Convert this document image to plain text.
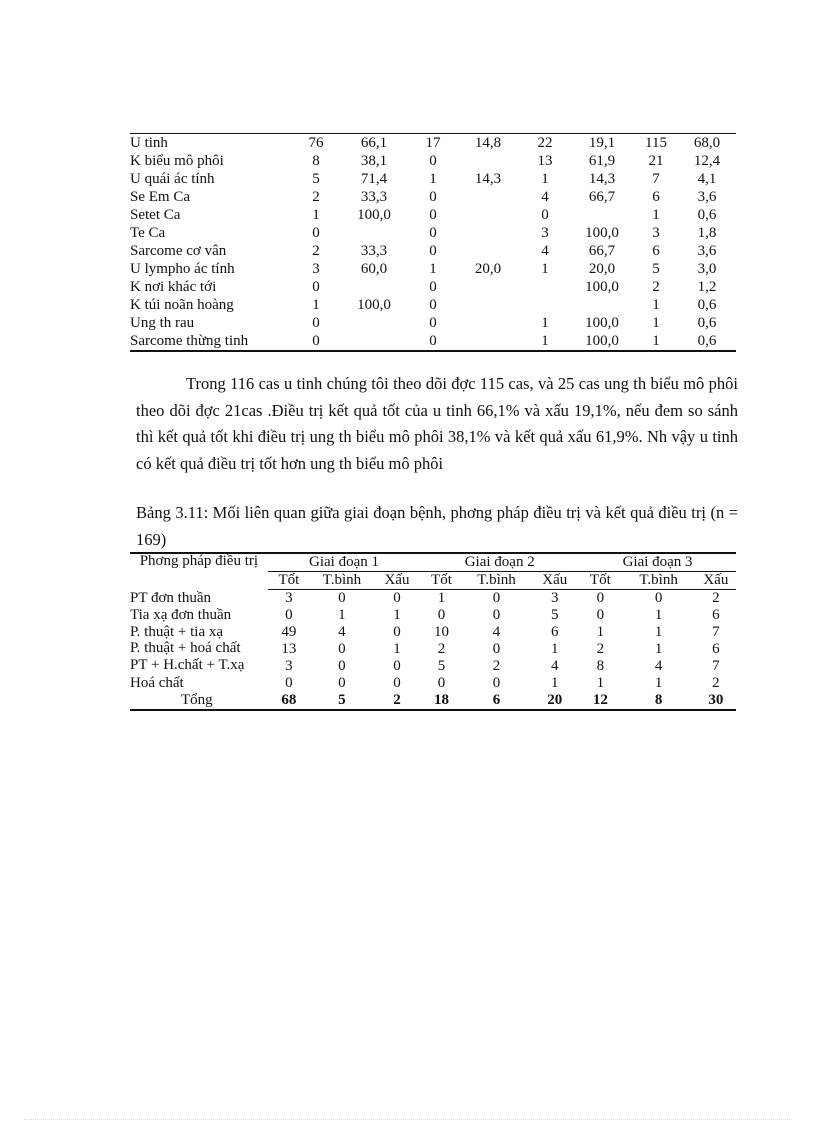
U tinh	76	66,1	17	14,8	22	19,1	115	68,0
K biểu mô phôi	8	38,1	0		13	61,9	21	12,4
U quái ác tính	5	71,4	1	14,3	1	14,3	7	4,1
Se Em Ca	2	33,3	0		4	66,7	6	3,6
Setet Ca	1	100,0	0		0		1	0,6
Te Ca	0		0		3	100,0	3	1,8
Sarcome cơ vân	2	33,3	0		4	66,7	6	3,6
U lympho ác tính	3	60,0	1	20,0	1	20,0	5	3,0
K nơi khác tới	0		0			100,0	2	1,2
K túi noãn hoàng	1	100,0	0				1	0,6
Ung th rau	0		0		1	100,0	1	0,6
Sarcome thừng tinh	0		0		1	100,0	1	0,6

Trong 116 cas u tinh chúng tôi theo dõi đợc 115 cas, và 25 cas ung th biểu mô phôi theo dõi đợc 21cas .Điều trị kết quả tốt của u tinh 66,1% và xấu 19,1%, nếu đem so sánh thì kết quả tốt khi điều trị ung th biểu mô phôi 38,1% và kết quả xấu 61,9%. Nh vậy u tinh có kết quả điều trị tốt hơn ung th biểu mô phôi

Bảng 3.11: Mối liên quan giữa giai đoạn bệnh, phơng pháp điều trị và kết quả điều trị (n = 169)

Phơng pháp điều trị	Giai đoạn 1			Giai đoạn 2			Giai đoạn 3		
	Tốt	T.bình	Xấu	Tốt	T.bình	Xấu	Tốt	T.bình	Xấu
PT đơn thuần	3	0	0	1	0	3	0	0	2
Tia xạ đơn thuần	0	1	1	0	0	5	0	1	6
P. thuật + tia xạ	49	4	0	10	4	6	1	1	7
P. thuật + hoá chất	13	0	1	2	0	1	2	1	6
PT + H.chất + T.xạ	3	0	0	5	2	4	8	4	7
Hoá chất	0	0	0	0	0	1	1	1	2
Tổng	68	5	2	18	6	20	12	8	30
